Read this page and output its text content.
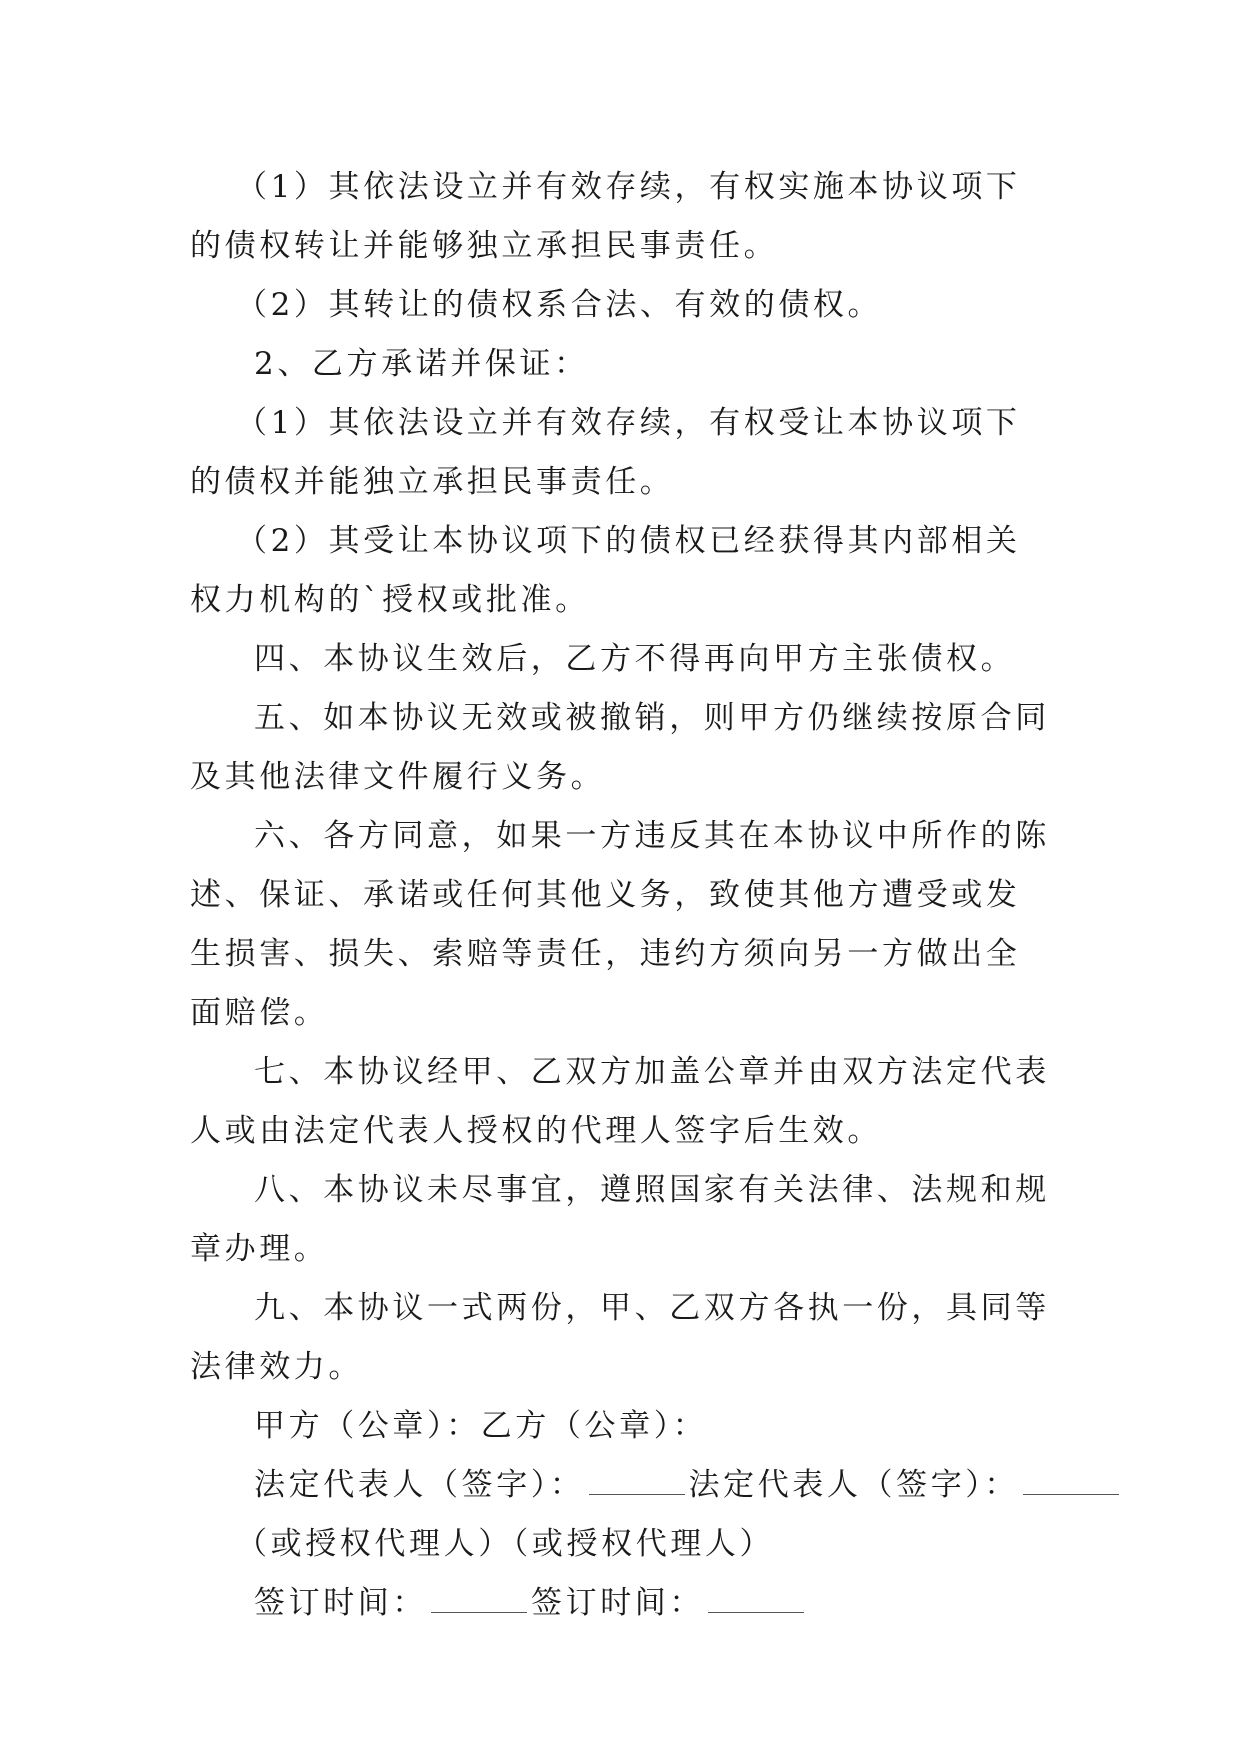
（1）其依法设立并有效存续，有权实施本协议项下的债权转让并能够独立承担民事责任。

（2）其转让的债权系合法、有效的债权。

2、乙方承诺并保证：

（1）其依法设立并有效存续，有权受让本协议项下的债权并能独立承担民事责任。

（2）其受让本协议项下的债权已经获得其内部相关权力机构的`授权或批准。

四、本协议生效后，乙方不得再向甲方主张债权。

五、如本协议无效或被撤销，则甲方仍继续按原合同及其他法律文件履行义务。

六、各方同意，如果一方违反其在本协议中所作的陈述、保证、承诺或任何其他义务，致使其他方遭受或发生损害、损失、索赔等责任，违约方须向另一方做出全面赔偿。

七、本协议经甲、乙双方加盖公章并由双方法定代表人或由法定代表人授权的代理人签字后生效。

八、本协议未尽事宜，遵照国家有关法律、法规和规章办理。

九、本协议一式两份，甲、乙双方各执一份，具同等法律效力。

甲方（公章）：乙方（公章）：

法定代表人（签字）：	法定代表人（签字）：

（或授权代理人）（或授权代理人）

签订时间：	签订时间：
